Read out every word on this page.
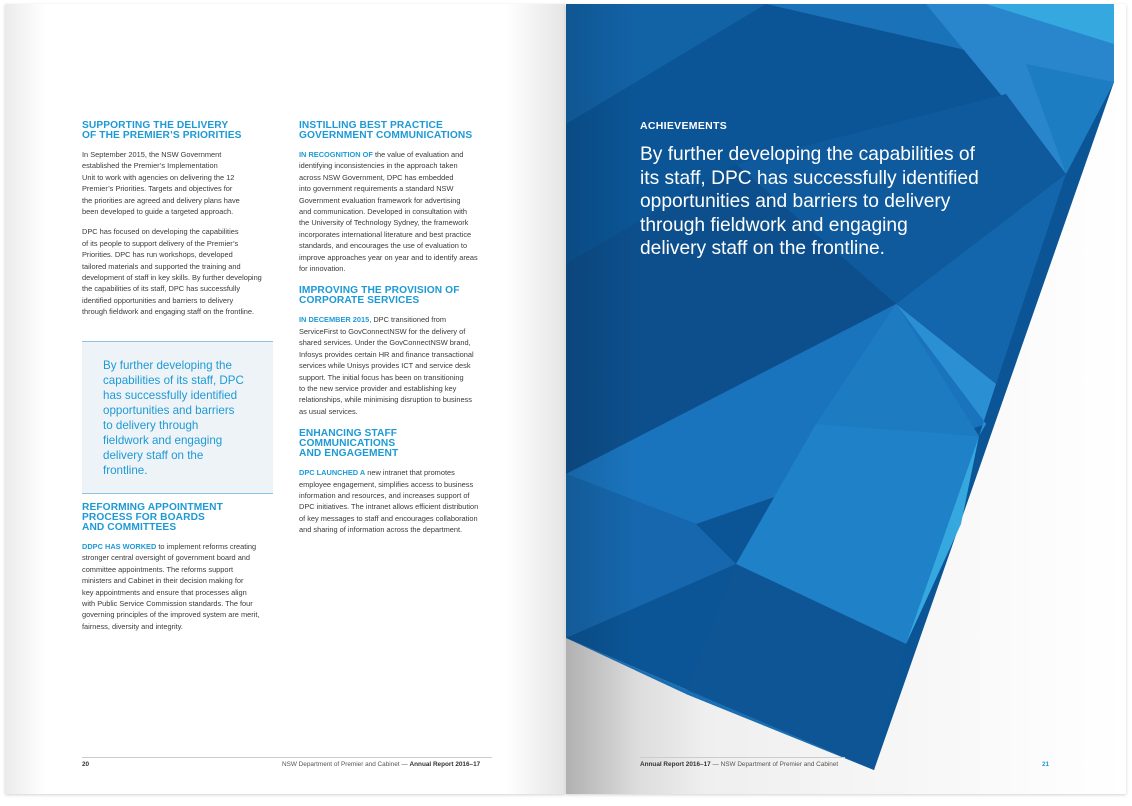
SUPPORTING THE DELIVERY
OF THE PREMIER’S PRIORITIES
In September 2015, the NSW Government
established the Premier’s Implementation
Unit to work with agencies on delivering the 12
Premier’s Priorities. Targets and objectives for
the priorities are agreed and delivery plans have
been developed to guide a targeted approach.
DPC has focused on developing the capabilities
of its people to support delivery of the Premier’s
Priorities. DPC has run workshops, developed
tailored materials and supported the training and
development of staff in key skills. By further developing
the capabilities of its staff, DPC has successfully
identified opportunities and barriers to delivery
through fieldwork and engaging staff on the frontline.
By further developing the
capabilities of its staff, DPC
has successfully identified
opportunities and barriers
to delivery through
fieldwork and engaging
delivery staff on the
frontline.
REFORMING APPOINTMENT
PROCESS FOR BOARDS
AND COMMITTEES
DDPC HAS WORKED to implement reforms creating
stronger central oversight of government board and
committee appointments. The reforms support
ministers and Cabinet in their decision making for
key appointments and ensure that processes align
with Public Service Commission standards. The four
governing principles of the improved system are merit,
fairness, diversity and integrity.
INSTILLING BEST PRACTICE
GOVERNMENT COMMUNICATIONS
IN RECOGNITION OF the value of evaluation and
identifying inconsistencies in the approach taken
across NSW Government, DPC has embedded
into government requirements a standard NSW
Government evaluation framework for advertising
and communication. Developed in consultation with
the University of Technology Sydney, the framework
incorporates international literature and best practice
standards, and encourages the use of evaluation to
improve approaches year on year and to identify areas
for innovation.
IMPROVING THE PROVISION OF
CORPORATE SERVICES
IN DECEMBER 2015, DPC transitioned from
ServiceFirst to GovConnectNSW for the delivery of
shared services. Under the GovConnectNSW brand,
Infosys provides certain HR and finance transactional
services while Unisys provides ICT and service desk
support. The initial focus has been on transitioning
to the new service provider and establishing key
relationships, while minimising disruption to business
as usual services.
ENHANCING STAFF
COMMUNICATIONS
AND ENGAGEMENT
DPC LAUNCHED A new intranet that promotes
employee engagement, simplifies access to business
information and resources, and increases support of
DPC initiatives. The intranet allows efficient distribution
of key messages to staff and encourages collaboration
and sharing of information across the department.
20	NSW Department of Premier and Cabinet — Annual Report 2016–17
ACHIEVEMENTS
By further developing the capabilities of
its staff, DPC has successfully identified
opportunities and barriers to delivery
through fieldwork and engaging
delivery staff on the frontline.
Annual Report 2016–17 — NSW Department of Premier and Cabinet	21
